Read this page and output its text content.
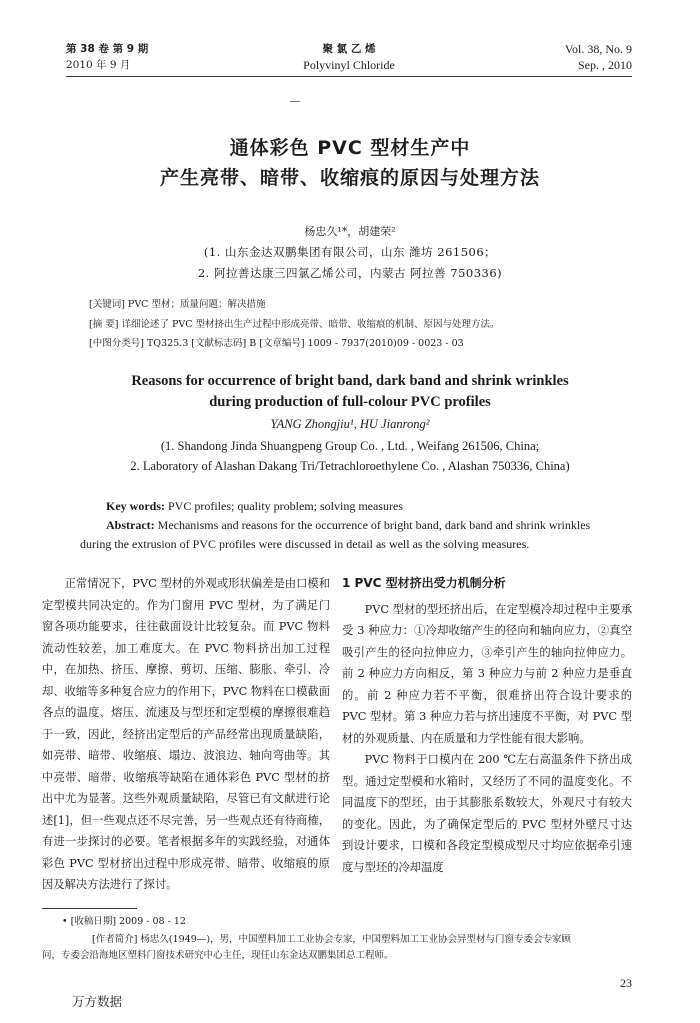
第 38 卷 第 9 期
2010 年 9 月
聚 氯 乙 烯
Polyvinyl Chloride
Vol. 38, No. 9
Sep. , 2010
通体彩色 PVC 型材生产中
产生亮带、暗带、收缩痕的原因与处理方法
杨忠久¹*，胡建荣²
(1. 山东金达双鹏集团有限公司，山东 潍坊 261506；
2. 阿拉善达康三四氯乙烯公司，内蒙古 阿拉善 750336)
[关键词] PVC 型材；质量问题；解决措施
[摘 要] 详细论述了 PVC 型材挤出生产过程中形成亮带、暗带、收缩痕的机制、原因与处理方法。
[中图分类号] TQ325.3 [文献标志码] B [文章编号] 1009 - 7937(2010)09 - 0023 - 03
Reasons for occurrence of bright band, dark band and shrink wrinkles
during production of full-colour PVC profiles
YANG Zhongjiu¹, HU Jianrong²
(1. Shandong Jinda Shuangpeng Group Co. , Ltd. , Weifang 261506, China;
2. Laboratory of Alashan Dakang Tri/Tetrachloroethylene Co. , Alashan 750336, China)
Key words: PVC profiles; quality problem; solving measures
Abstract: Mechanisms and reasons for the occurrence of bright band, dark band and shrink wrinkles
during the extrusion of PVC profiles were discussed in detail as well as the solving measures.

正常情况下，PVC 型材的外观或形状偏差是由口模和定型模共同决定的。作为门窗用 PVC 型材，为了满足门窗各项功能要求，往往截面设计比较复杂。而 PVC 物料流动性较差，加工难度大。在 PVC 物料挤出加工过程中，在加热、挤压、摩擦、剪切、压缩、膨胀、牵引、冷却、收缩等多种复合应力的作用下，PVC 物料在口模截面各点的温度、熔压、流速及与型坯和定型模的摩擦很难趋于一致，因此，经挤出定型后的产品经常出现质量缺陷，如亮带、暗带、收缩痕、塌边、波浪边、轴向弯曲等。其中亮带、暗带、收缩痕等缺陷在通体彩色 PVC 型材的挤出中尤为显著。这些外观质量缺陷，尽管已有文献进行论述[1]，但一些观点还不尽完善，另一些观点还有待商榷，有进一步探讨的必要。笔者根据多年的实践经验，对通体彩色 PVC 型材挤出过程中形成亮带、暗带、收缩痕的原因及解决方法进行了探讨。

1 PVC 型材挤出受力机制分析

PVC 型材的型坯挤出后，在定型模冷却过程中主要承受 3 种应力：①冷却收缩产生的径向和轴向应力，②真空吸引产生的径向拉伸应力，③牵引产生的轴向拉伸应力。前 2 种应力方向相反，第 3 种应力与前 2 种应力是垂直的。前 2 种应力若不平衡，很难挤出符合设计要求的 PVC 型材。第 3 种应力若与挤出速度不平衡，对 PVC 型材的外观质量、内在质量和力学性能有很大影响。

PVC 物料于口模内在 200 ℃左右高温条件下挤出成型。通过定型模和水箱时，又经历了不同的温度变化。不同温度下的型坯，由于其膨胀系数较大，外观尺寸有较大的变化。因此，为了确保定型后的 PVC 型材外壁尺寸达到设计要求，口模和各段定型模成型尺寸均应依据牵引速度与型坯的冷却温度

• [收稿日期] 2009 - 08 - 12
[作者简介] 杨忠久(1949—)，男，中国塑料加工工业协会专家，中国塑料加工工业协会异型材与门窗专委会专家顾
问，专委会沿海地区塑料门窗技术研究中心主任，现任山东金达双鹏集团总工程师。
23
万方数据
